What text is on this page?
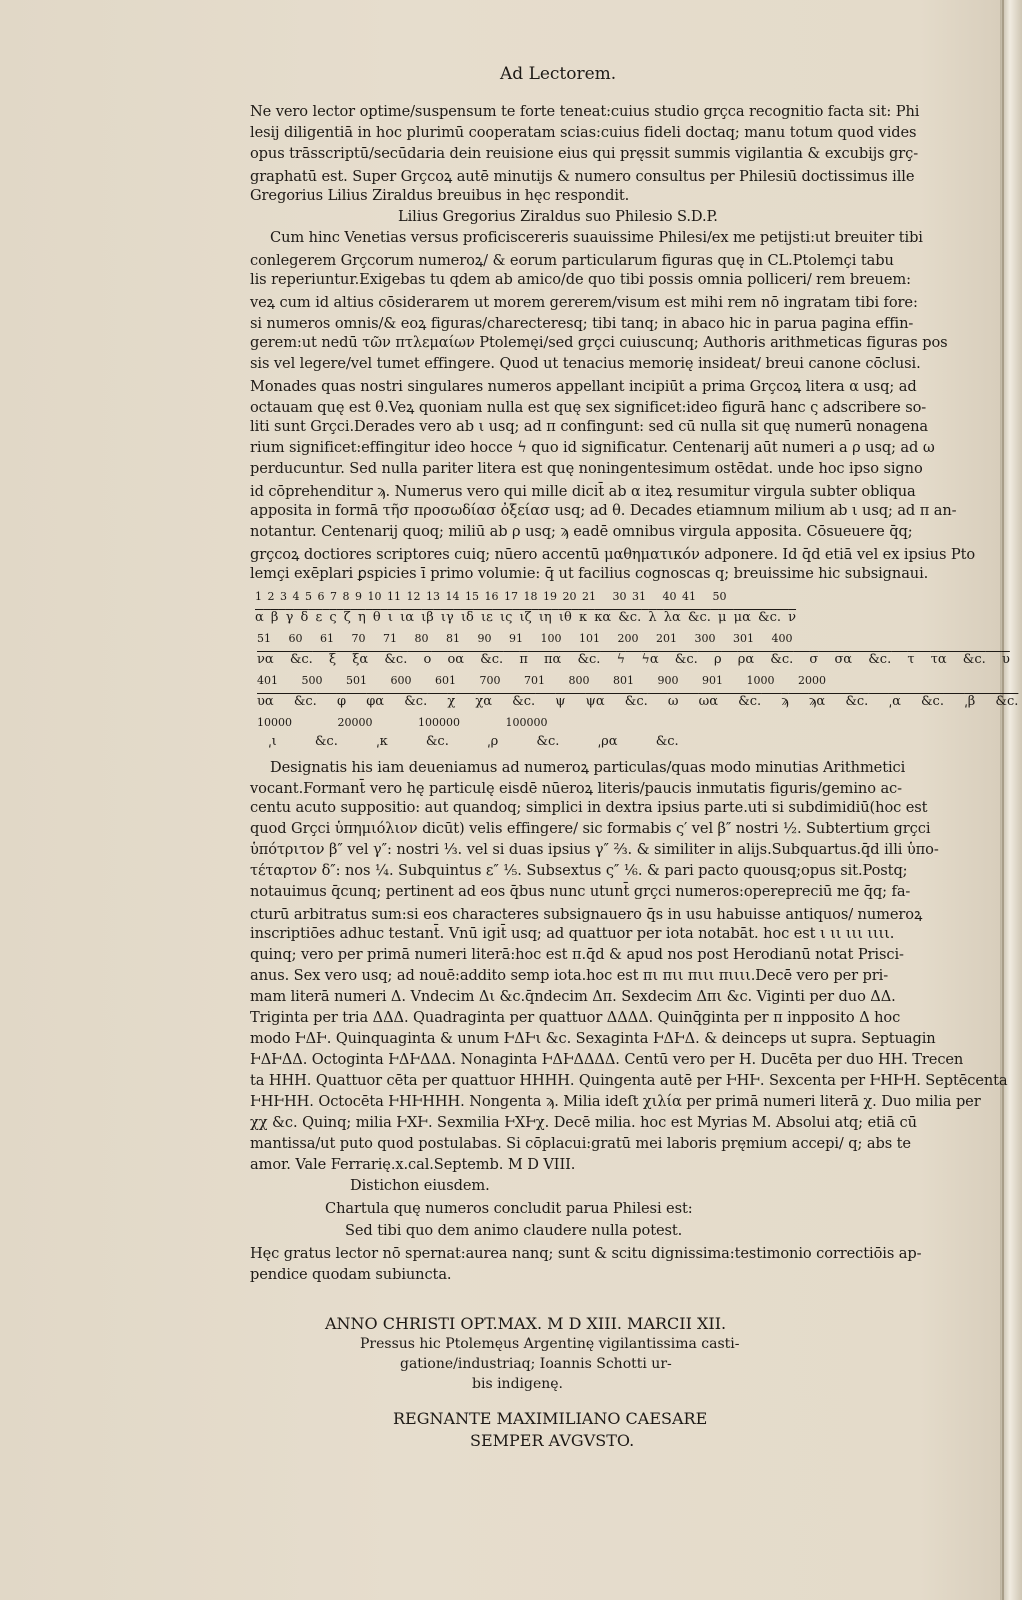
Ad Lectorem.
Ne vero lector optime/suspensum te forte teneat:cuius studio grçca recognitio facta sit: Phi
lesij diligentiā in hoc plurimū cooperatam scias:cuius fideli doctaq; manu totum quod vides
opus trāsscriptū/secūdaria dein reuisione eius qui pręssit summis vigilantia & excubijs grç-
graphatū est. Super Grçcoꝝ autē minutijs & numero consultus per Philesiū doctissimus ille
Gregorius Lilius Ziraldus breuibus in hęc respondit.
Lilius Gregorius Ziraldus suo Philesio S.D.P.
Cum hinc Venetias versus proficiscereris suauissime Philesi/ex me petijsti:ut breuiter tibi
conlegerem Grçcorum numeroꝝ/ & eorum particularum figuras quę in CL.Ptolemçi tabu
lis reperiuntur.Exigebas tu qdem ab amico/de quo tibi possis omnia polliceri/ rem breuem:
veꝝ cum id altius cōsiderarem ut morem gererem/visum est mihi rem nō ingratam tibi fore:
si numeros omnis/& eoꝝ figuras/charecteresq; tibi tanq; in abaco hic in parua pagina effin-
gerem:ut nedū τῶν πτλεμαίων Ptolemęi/sed grçci cuiuscunq; Authoris arithmeticas figuras pos
sis vel legere/vel tumet effingere. Quod ut tenacius memorię insideat/ breui canone cōclusi.
Monades quas nostri singulares numeros appellant incipiūt a prima Grçcoꝝ litera α usq; ad
octauam quę est θ.Veꝝ quoniam nulla est quę sex significet:ideo figurā hanc ς adscribere so-
liti sunt Grçci.Derades vero ab ι usq; ad π confingunt: sed cū nulla sit quę numerū nonagena
rium significet:effingitur ideo hocce ϟ quo id significatur. Centenarij aūt numeri a ρ usq; ad ω
perducuntur. Sed nulla pariter litera est quę noningentesimum ostēdat. unde hoc ipso signo
id cōprehenditur ϡ. Numerus vero qui mille dicit̄ ab α iteꝝ resumitur virgula subter obliqua
apposita in formā τῆσ προσωδίασ ὀξείασ usq; ad θ. Decades etiamnum milium ab ι usq; ad π an-
notantur. Centenarij quoq; miliū ab ρ usq; ϡ eadē omnibus virgula apposita. Cōsueuere q̄q;
grçcoꝝ doctiores scriptores cuiq; nūero accentū μαθηματικόν adponere. Id q̄d etiā vel ex ipsius Pto
lemçi exēplari ꝑspicies ī primo volumie: q̄ ut facilius cognoscas q; breuissime hic subsignaui.
1 2 3 4 5 6 7 8 9 10 11 12 13 14 15 16 17 18 19 20 21 30 31 40 41 50
α β γ δ ε ς ζ η θ ι ια ιβ ιγ ιδ ιε ις ιζ ιη ιθ κ κα &c. λ λα &c. μ μα &c. ν
51 60 61 70 71 80 81 90 91 100 101 200 201 300 301 400
να &c. ξ ξα &c. ο οα &c. π πα &c. ϟ ϟα &c. ρ ρα &c. σ σα &c. τ τα &c. υ
401 500 501 600 601 700 701 800 801 900 901 1000 2000
υα &c. φ φα &c. χ χα &c. ψ ψα &c. ω ωα &c. ϡ ϡα &c. ͵α &c. ͵β &c.
10000	20000	100000	100000
͵ι &c.	͵κ &c.	͵ρ &c.	͵ρα &c.
Designatis his iam deueniamus ad numeroꝝ particulas/quas modo minutias Arithmetici
vocant.Formant̄ vero hę particulę eisdē nūeroꝝ literis/paucis inmutatis figuris/gemino ac-
centu acuto suppositio: aut quandoq; simplici in dextra ipsius parte.uti si subdimidiū(hoc est
quod Grçci ὑπημιόλιον dicūt) velis effingere/ sic formabis ς′ vel β″ nostri ½. Subtertium grçci
ὑπότριτον β″ vel γ″: nostri ⅓. vel si duas ipsius γ″ ⅔. & similiter in alijs.Subquartus.q̄d illi ὑπο-
τέταρτον δ″: nos ¼. Subquintus ε″ ⅕. Subsextus ς″ ⅙. & pari pacto quousq;opus sit.Postq;
notauimus q̄cunq; pertinent ad eos q̄bus nunc utunt̄ grçci numeros:operepreciū me q̄q; fa-
cturū arbitratus sum:si eos characteres subsignauero q̄s in usu habuisse antiquos/ numeroꝝ
inscriptiōes adhuc testant̄. Vnū igit̄ usq; ad quattuor per iota notabāt. hoc est ι ιι ιιι ιιιι.
quinq; vero per primā numeri literā:hoc est π.q̄d & apud nos post Herodianū notat Prisci-
anus. Sex vero usq; ad nouē:addito semp iota.hoc est πι πιι πιιι πιιιι.Decē vero per pri-
mam literā numeri Δ. Vndecim Δι &c.q̄ndecim Δπ. Sexdecim Δπι &c. Viginti per duo ΔΔ.
Triginta per tria ΔΔΔ. Quadraginta per quattuor ΔΔΔΔ. Quinq̄ginta per π inpposito Δ hoc
modo ͰΔͰ. Quinquaginta & unum ͰΔͰι &c. Sexaginta ͰΔͰΔ. & deinceps ut supra. Septuagin
ͰΔͰΔΔ. Octoginta ͰΔͰΔΔΔ. Nonaginta ͰΔͰΔΔΔΔ. Centū vero per Η. Ducēta per duo ΗΗ. Trecen
ta ΗΗΗ. Quattuor cēta per quattuor ΗΗΗΗ. Quingenta autē per ͰΗͰ. Sexcenta per ͰΗͰΗ. Septēcenta
ͰΗͰΗΗ. Octocēta ͰΗͰΗΗΗ. Nongenta ϡ. Milia ideſt χιλία per primā numeri literā χ. Duo milia per
χχ &c. Quinq; milia ͰΧͰ. Sexmilia ͰΧͰχ. Decē milia. hoc est Myrias Μ. Absolui atq; etiā cū
mantissa/ut puto quod postulabas. Si cōplacui:gratū mei laboris pręmium accepi/ q; abs te
amor. Vale Ferrarię.x.cal.Septemb. M D VIII.
Distichon eiusdem.
Chartula quę numeros concludit parua Philesi est:
Sed tibi quo dem animo claudere nulla potest.
Hęc gratus lector nō spernat:aurea nanq; sunt & scitu dignissima:testimonio correctiōis ap-
pendice quodam subiuncta.
ANNO CHRISTI OPT.MAX. M D XIII. MARCII XII.
Pressus hic Ptolemęus Argentinę vigilantissima casti-
gatione/industriaq; Ioannis Schotti ur-
bis indigenę.
REGNANTE MAXIMILIANO CAESARE
SEMPER AVGVSTO.
